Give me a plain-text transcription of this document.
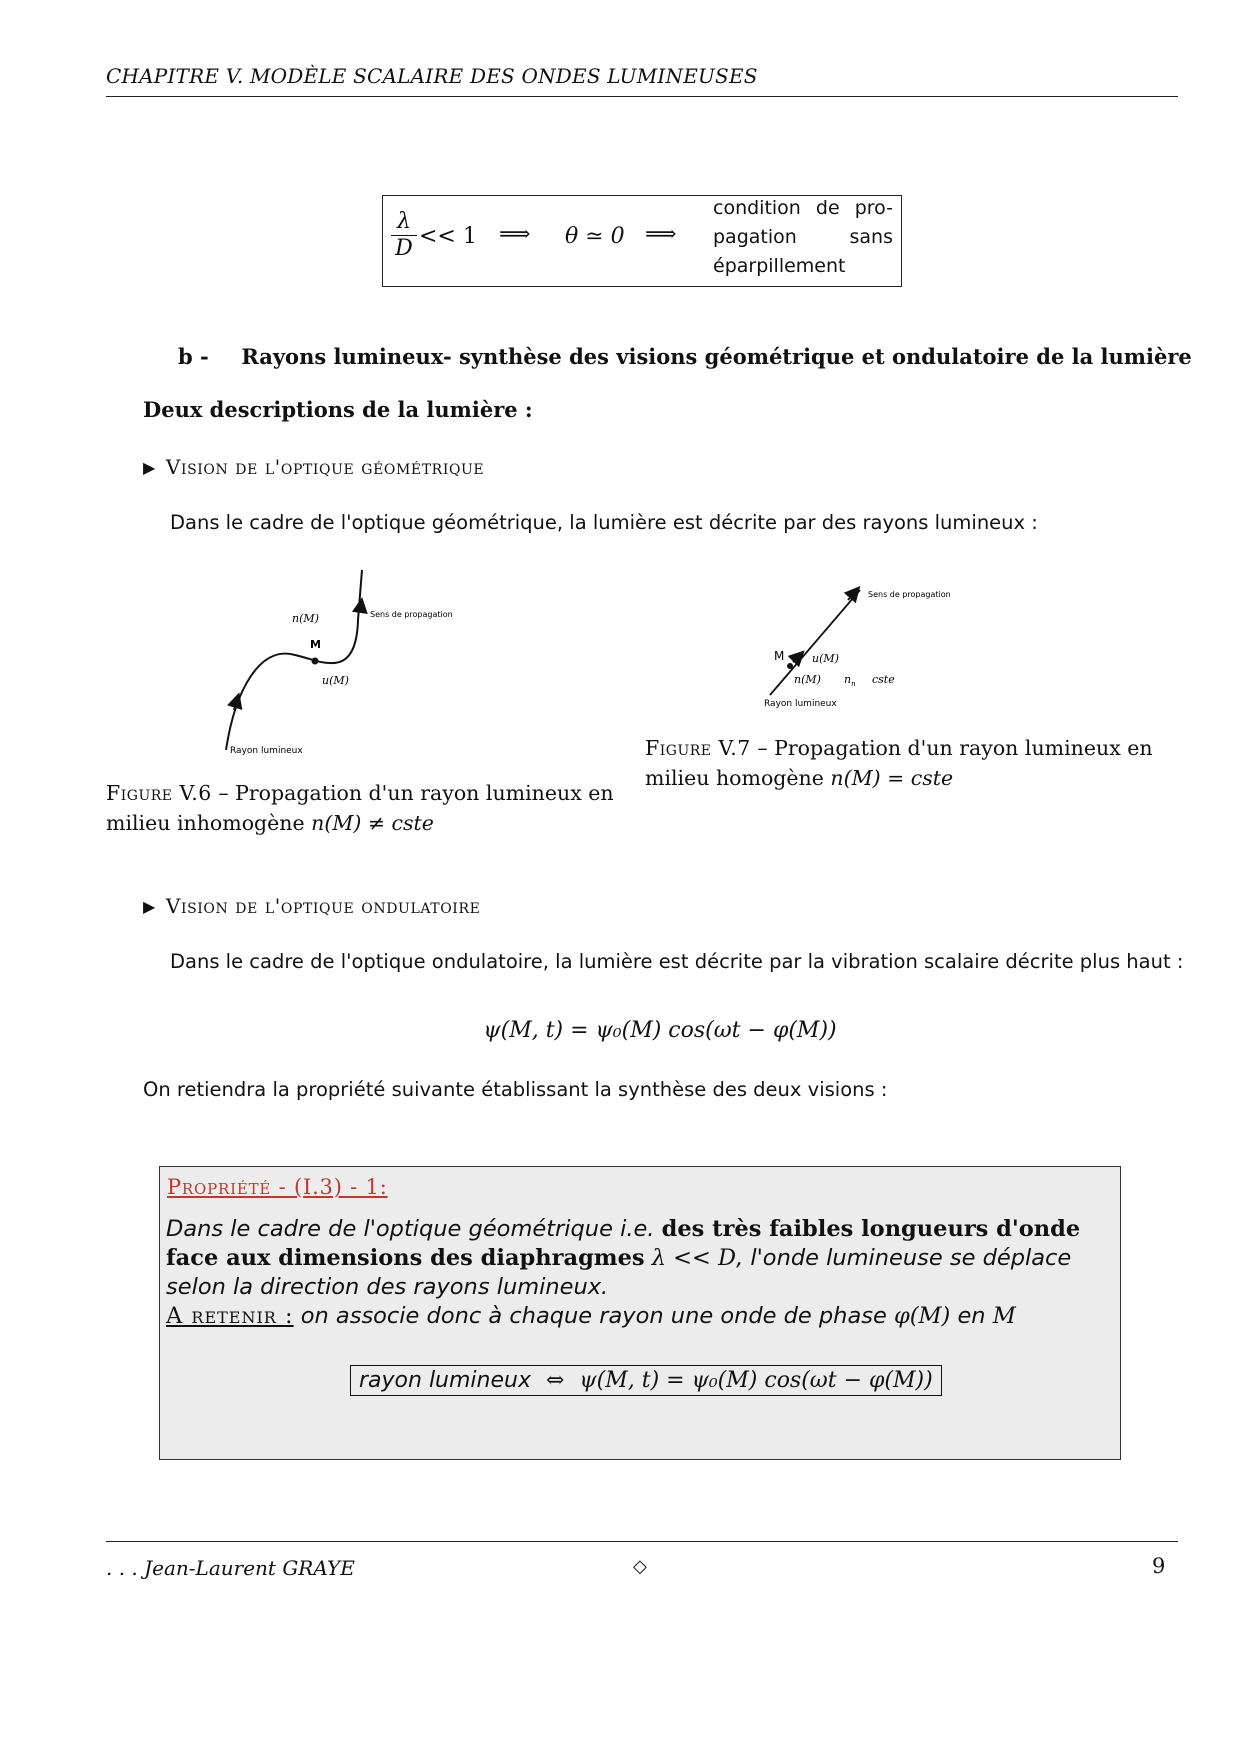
CHAPITRE V. MODÈLE SCALAIRE DES ONDES LUMINEUSES
$\frac{\lambda}{D} << 1$ ⟹ θ ≃ 0 ⟹
condition de pro-
pagation	sans
éparpillement
b - Rayons lumineux- synthèse des visions géométrique et ondulatoire de la lumière
Deux descriptions de la lumière :
▶ Vision de l'optique géométrique
Dans le cadre de l'optique géométrique, la lumière est décrite par des rayons lumineux :
n(M)
M
u(M)
Sens de propagation
Rayon lumineux
Figure V.6 – Propagation d'un rayon lumineux en milieu inhomogène n(M) ≠ cste
M	u(M)
n(M) $n_n$ cste
Sens de propagation
Rayon lumineux
Figure V.7 – Propagation d'un rayon lumineux en milieu homogène n(M) = cste
▶ Vision de l'optique ondulatoire
Dans le cadre de l'optique ondulatoire, la lumière est décrite par la vibration scalaire décrite plus haut :
ψ(M, t) = ψ₀(M) cos(ωt − φ(M))
On retiendra la propriété suivante établissant la synthèse des deux visions :
Propriété - (I.3) - 1:
Dans le cadre de l'optique géométrique i.e. des très faibles longueurs d'onde face aux dimensions des diaphragmes λ << D, l'onde lumineuse se déplace selon la direction des rayons lumineux.
A retenir : on associe donc à chaque rayon une onde de phase φ(M) en M
rayon lumineux ⇔ ψ(M, t) = ψ₀(M) cos(ωt − φ(M))
. . . Jean-Laurent GRAYE	◇	9
